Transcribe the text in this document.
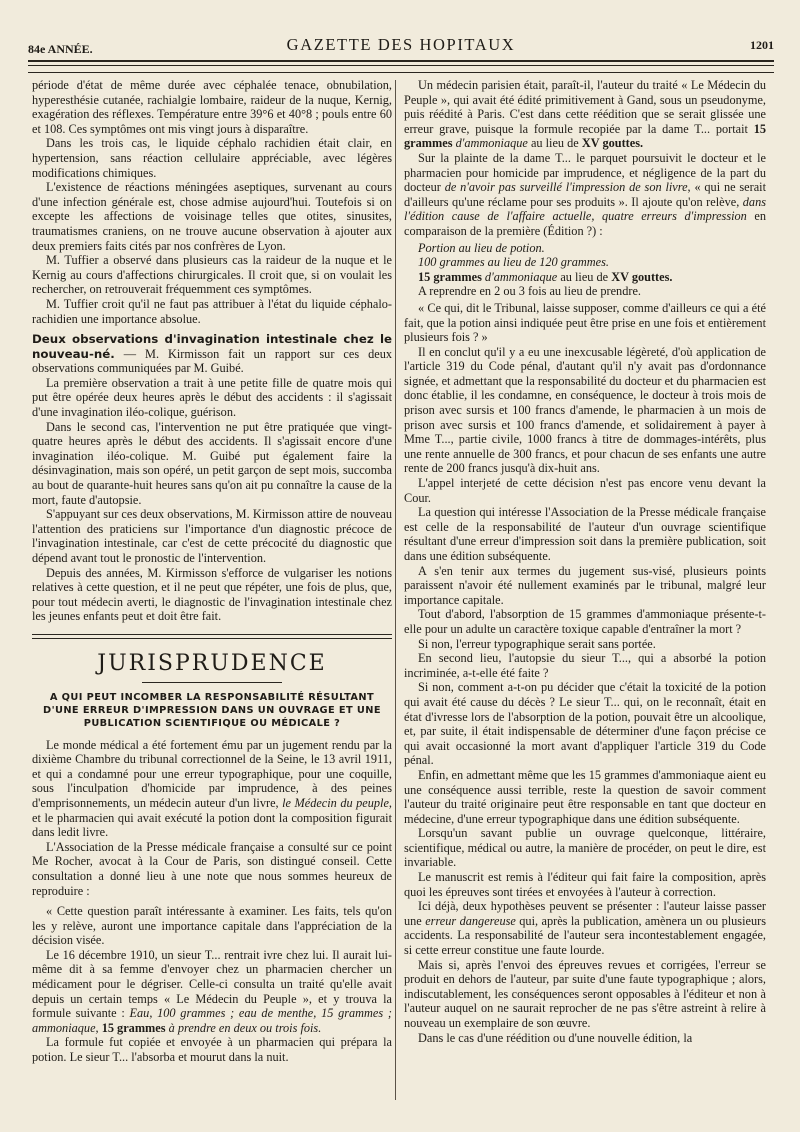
84e ANNÉE.	GAZETTE DES HOPITAUX	1201

période d'état de même durée avec céphalée tenace, obnubilation, hyperesthésie cutanée, rachialgie lombaire, raideur de la nuque, Kernig, exagération des réflexes. Température entre 39°6 et 40°8 ; pouls entre 60 et 108. Ces symptômes ont mis vingt jours à disparaître.

Dans les trois cas, le liquide céphalo rachidien était clair, en hypertension, sans réaction cellulaire appréciable, avec légères modifications chimiques.

L'existence de réactions méningées aseptiques, survenant au cours d'une infection générale est, chose admise aujourd'hui. Toutefois si on excepte les affections de voisinage telles que otites, sinusites, traumatismes craniens, on ne trouve aucune observation à ajouter aux deux premiers faits cités par nos confrères de Lyon.

M. Tuffier a observé dans plusieurs cas la raideur de la nuque et le Kernig au cours d'affections chirurgicales. Il croit que, si on voulait les rechercher, on retrouverait fréquemment ces symptômes.

M. Tuffier croit qu'il ne faut pas attribuer à l'état du liquide céphalo-rachidien une importance absolue.

Deux observations d'invagination intestinale chez le nouveau-né. — M. Kirmisson fait un rapport sur ces deux observations communiquées par M. Guibé.

La première observation a trait à une petite fille de quatre mois qui put être opérée deux heures après le début des accidents : il s'agissait d'une invagination iléo-colique, guérison.

Dans le second cas, l'intervention ne put être pratiquée que vingt-quatre heures après le début des accidents. Il s'agissait encore d'une invagination iléo-colique. M. Guibé put également faire la désinvagination, mais son opéré, un petit garçon de sept mois, succomba au bout de quarante-huit heures sans qu'on ait pu connaître la cause de la mort, faute d'autopsie.

S'appuyant sur ces deux observations, M. Kirmisson attire de nouveau l'attention des praticiens sur l'importance d'un diagnostic précoce de l'invagination intestinale, car c'est de cette précocité du diagnostic que dépend avant tout le pronostic de l'intervention.

Depuis des années, M. Kirmisson s'efforce de vulgariser les notions relatives à cette question, et il ne peut que répéter, une fois de plus, que, pour tout médecin averti, le diagnostic de l'invagination intestinale chez les jeunes enfants peut et doit être fait.

JURISPRUDENCE
A QUI PEUT INCOMBER LA RESPONSABILITÉ RÉSULTANT
D'UNE ERREUR D'IMPRESSION DANS UN OUVRAGE ET UNE
PUBLICATION SCIENTIFIQUE OU MÉDICALE ?

Le monde médical a été fortement ému par un jugement rendu par la dixième Chambre du tribunal correctionnel de la Seine, le 13 avril 1911, et qui a condamné pour une erreur typographique, pour une coquille, sous l'inculpation d'homicide par imprudence, à des peines d'emprisonnements, un médecin auteur d'un livre, le Médecin du peuple, et le pharmacien qui avait exécuté la potion dont la composition figurait dans ledit livre.

L'Association de la Presse médicale française a consulté sur ce point Me Rocher, avocat à la Cour de Paris, son distingué conseil. Cette consultation a donné lieu à une note que nous sommes heureux de reproduire :

« Cette question paraît intéressante à examiner. Les faits, tels qu'on les y relève, auront une importance capitale dans l'appréciation de la décision visée.

Le 16 décembre 1910, un sieur T... rentrait ivre chez lui. Il aurait lui-même dit à sa femme d'envoyer chez un pharmacien chercher un médicament pour le dégriser. Celle-ci consulta un traité qu'elle avait depuis un certain temps « Le Médecin du Peuple », et y trouva la formule suivante : Eau, 100 grammes ; eau de menthe, 15 grammes ; ammoniaque, 15 grammes à prendre en deux ou trois fois.

La formule fut copiée et envoyée à un pharmacien qui prépara la potion. Le sieur T... l'absorba et mourut dans la nuit.

Un médecin parisien était, paraît-il, l'auteur du traité « Le Médecin du Peuple », qui avait été édité primitivement à Gand, sous un pseudonyme, puis réédité à Paris. C'est dans cette réédition que se serait glissée une erreur grave, puisque la formule recopiée par la dame T... portait 15 grammes d'ammoniaque au lieu de XV gouttes.

Sur la plainte de la dame T... le parquet poursuivit le docteur et le pharmacien pour homicide par imprudence, et négligence de la part du docteur de n'avoir pas surveillé l'impression de son livre, « qui ne serait d'ailleurs qu'une réclame pour ses produits ». Il ajoute qu'on relève, dans l'édition cause de l'affaire actuelle, quatre erreurs d'impression en comparaison de la première (Édition ?) :

Portion au lieu de potion.

100 grammes au lieu de 120 grammes.

15 grammes d'ammoniaque au lieu de XV gouttes.

A reprendre en 2 ou 3 fois au lieu de prendre.

« Ce qui, dit le Tribunal, laisse supposer, comme d'ailleurs ce qui a été fait, que la potion ainsi indiquée peut être prise en une fois et entièrement plusieurs fois ? »

Il en conclut qu'il y a eu une inexcusable légèreté, d'où application de l'article 319 du Code pénal, d'autant qu'il n'y avait pas d'ordonnance signée, et admettant que la responsabilité du docteur et du pharmacien est donc établie, il les condamne, en conséquence, le docteur à trois mois de prison avec sursis et 100 francs d'amende, le pharmacien à un mois de prison avec sursis et 100 francs d'amende, et solidairement à payer à Mme T..., partie civile, 1000 francs à titre de dommages-intérêts, plus une rente annuelle de 300 francs, et pour chacun de ses enfants une autre rente de 200 francs jusqu'à dix-huit ans.

L'appel interjeté de cette décision n'est pas encore venu devant la Cour.

La question qui intéresse l'Association de la Presse médicale française est celle de la responsabilité de l'auteur d'un ouvrage scientifique résultant d'une erreur d'impression soit dans la première publication, soit dans une édition subséquente.

A s'en tenir aux termes du jugement sus-visé, plusieurs points paraissent n'avoir été nullement examinés par le tribunal, malgré leur importance capitale.

Tout d'abord, l'absorption de 15 grammes d'ammoniaque présente-t-elle pour un adulte un caractère toxique capable d'entraîner la mort ?

Si non, l'erreur typographique serait sans portée.

En second lieu, l'autopsie du sieur T..., qui a absorbé la potion incriminée, a-t-elle été faite ?

Si non, comment a-t-on pu décider que c'était la toxicité de la potion qui avait été cause du décès ? Le sieur T... qui, on le reconnaît, était en état d'ivresse lors de l'absorption de la potion, pouvait être un alcoolique, et, par suite, il était indispensable de déterminer d'une façon précise ce qui avait occasionné la mort avant d'appliquer l'article 319 du Code pénal.

Enfin, en admettant même que les 15 grammes d'ammoniaque aient eu une conséquence aussi terrible, reste la question de savoir comment l'auteur du traité originaire peut être responsable en tant que docteur en médecine, d'une erreur typographique dans une édition subséquente.

Lorsqu'un savant publie un ouvrage quelconque, littéraire, scientifique, médical ou autre, la manière de procéder, on peut le dire, est invariable.

Le manuscrit est remis à l'éditeur qui fait faire la composition, après quoi les épreuves sont tirées et envoyées à l'auteur à correction.

Ici déjà, deux hypothèses peuvent se présenter : l'auteur laisse passer une erreur dangereuse qui, après la publication, amènera un ou plusieurs accidents. La responsabilité de l'auteur sera incontestablement engagée, si cette erreur constitue une faute lourde.

Mais si, après l'envoi des épreuves revues et corrigées, l'erreur se produit en dehors de l'auteur, par suite d'une faute typographique ; alors, indiscutablement, les conséquences seront opposables à l'éditeur et non à l'auteur auquel on ne saurait reprocher de ne pas s'être astreint à relire à nouveau un exemplaire de son œuvre.

Dans le cas d'une réédition ou d'une nouvelle édition, la
